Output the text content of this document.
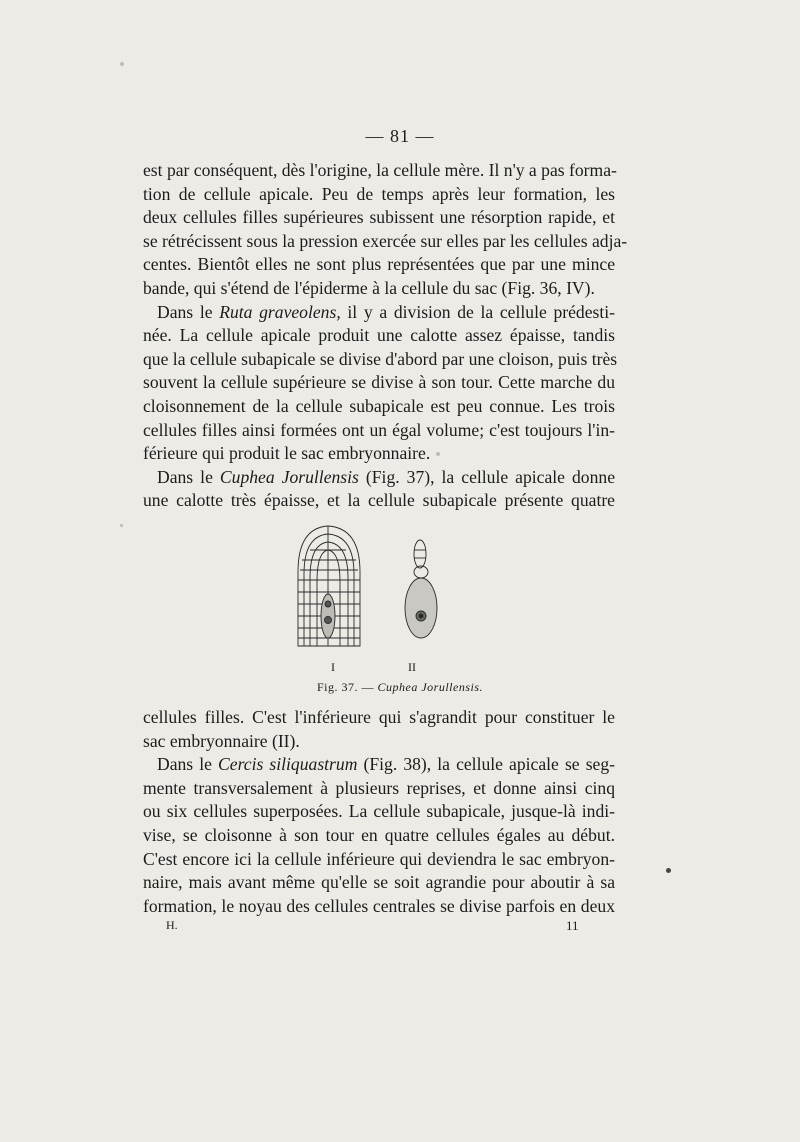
— 81 —
est par conséquent, dès l'origine, la cellule mère. Il n'y a pas forma-
tion de cellule apicale. Peu de temps après leur formation, les
deux cellules filles supérieures subissent une résorption rapide, et
se rétrécissent sous la pression exercée sur elles par les cellules adja-
centes. Bientôt elles ne sont plus représentées que par une mince
bande, qui s'étend de l'épiderme à la cellule du sac (Fig. 36, IV).
Dans le Ruta graveolens, il y a division de la cellule prédesti-
née. La cellule apicale produit une calotte assez épaisse, tandis
que la cellule subapicale se divise d'abord par une cloison, puis très
souvent la cellule supérieure se divise à son tour. Cette marche du
cloisonnement de la cellule subapicale est peu connue. Les trois
cellules filles ainsi formées ont un égal volume; c'est toujours l'in-
férieure qui produit le sac embryonnaire.
Dans le Cuphea Jorullensis (Fig. 37), la cellule apicale donne
une calotte très épaisse, et la cellule subapicale présente quatre
I	II
Fig. 37. — Cuphea Jorullensis.
cellules filles. C'est l'inférieure qui s'agrandit pour constituer le
sac embryonnaire (II).
Dans le Cercis siliquastrum (Fig. 38), la cellule apicale se seg-
mente transversalement à plusieurs reprises, et donne ainsi cinq
ou six cellules superposées. La cellule subapicale, jusque-là indi-
vise, se cloisonne à son tour en quatre cellules égales au début.
C'est encore ici la cellule inférieure qui deviendra le sac embryon-
naire, mais avant même qu'elle se soit agrandie pour aboutir à sa
formation, le noyau des cellules centrales se divise parfois en deux
H.	11
